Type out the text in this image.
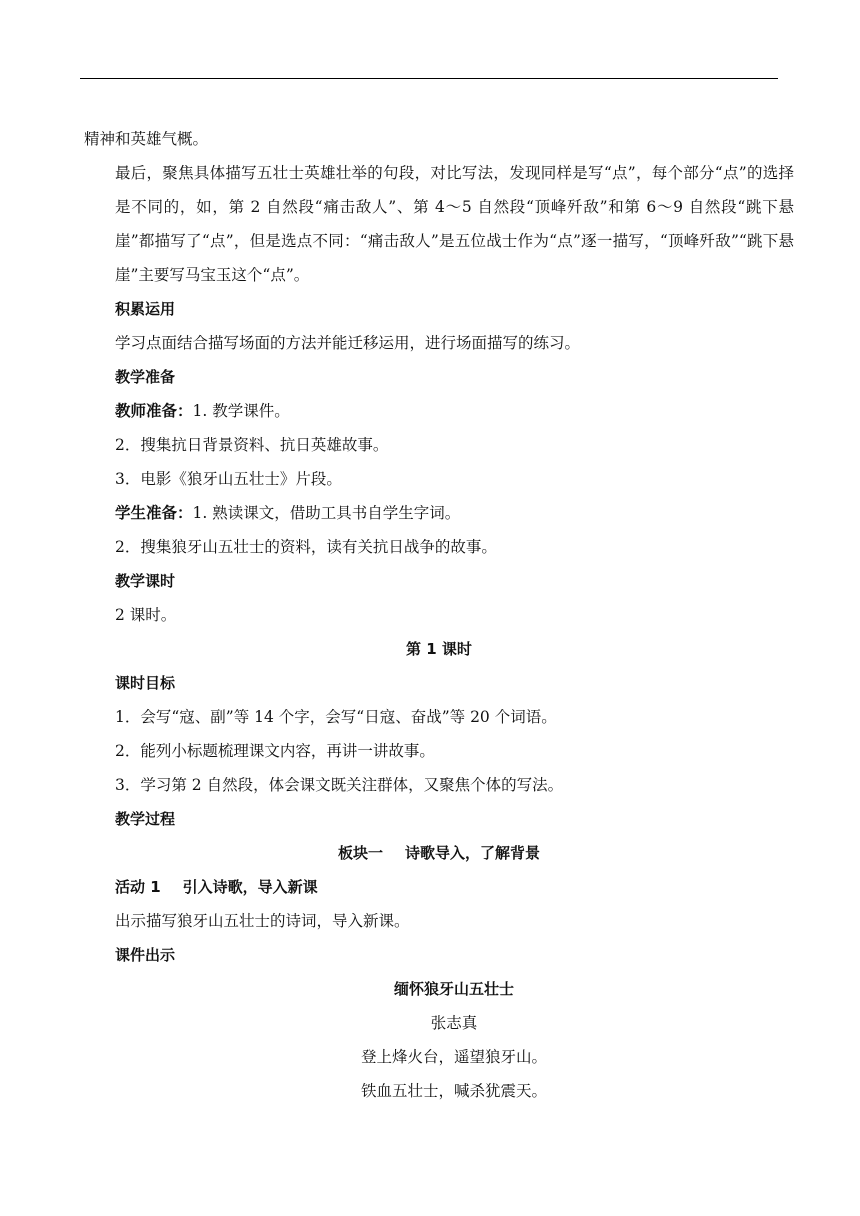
精神和英雄气概。

最后，聚焦具体描写五壮士英雄壮举的句段，对比写法，发现同样是写“点”，每个部分“点”的选择是不同的，如，第 2 自然段“痛击敌人”、第 4～5 自然段“顶峰歼敌”和第 6～9 自然段“跳下悬崖”都描写了“点”，但是选点不同：“痛击敌人”是五位战士作为“点”逐一描写，“顶峰歼敌”“跳下悬崖”主要写马宝玉这个“点”。

积累运用

学习点面结合描写场面的方法并能迁移运用，进行场面描写的练习。

教学准备

教师准备：1. 教学课件。

2．搜集抗日背景资料、抗日英雄故事。

3．电影《狼牙山五壮士》片段。

学生准备：1. 熟读课文，借助工具书自学生字词。

2．搜集狼牙山五壮士的资料，读有关抗日战争的故事。

教学课时

2 课时。

第 1 课时

课时目标

1．会写“寇、副”等 14 个字，会写“日寇、奋战”等 20 个词语。

2．能列小标题梳理课文内容，再讲一讲故事。

3．学习第 2 自然段，体会课文既关注群体，又聚焦个体的写法。

教学过程

板块一 诗歌导入，了解背景

活动 1 引入诗歌，导入新课

出示描写狼牙山五壮士的诗词，导入新课。

课件出示

缅怀狼牙山五壮士

张志真

登上烽火台，遥望狼牙山。

铁血五壮士，喊杀犹震天。
